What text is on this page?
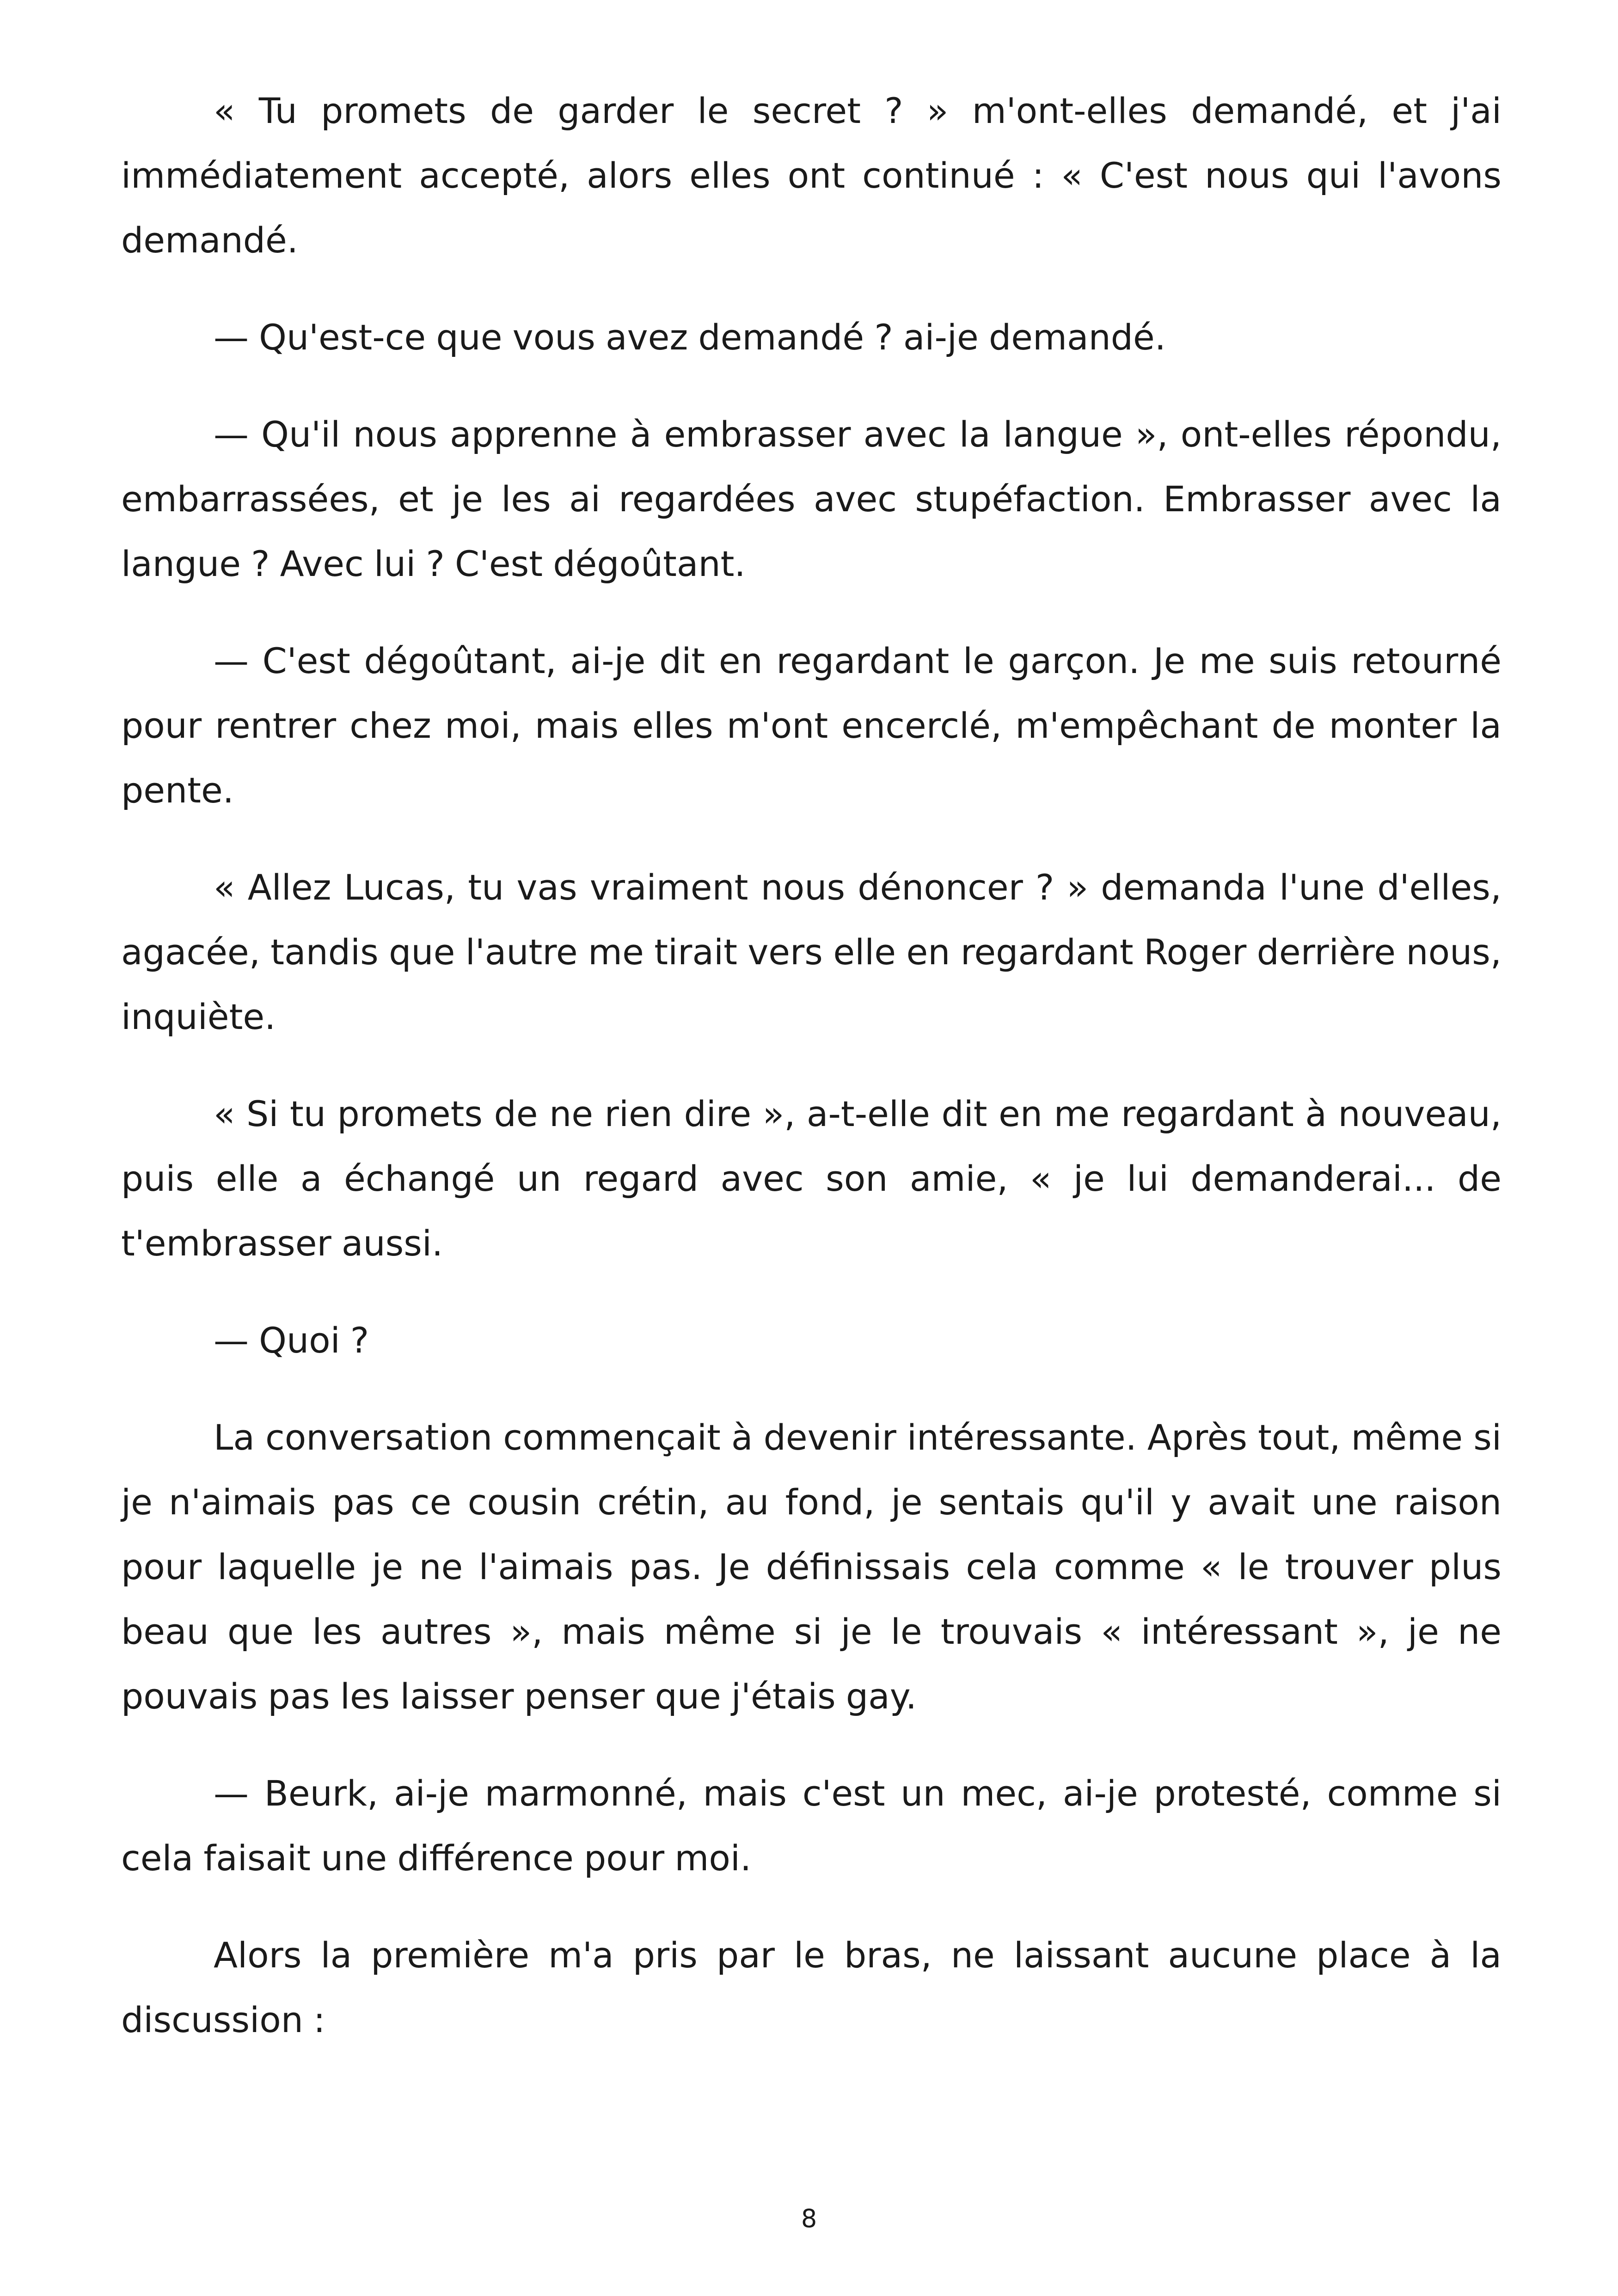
« Tu promets de garder le secret ? » m'ont-elles demandé, et j'ai immédiatement accepté, alors elles ont continué : « C'est nous qui l'avons demandé.

— Qu'est-ce que vous avez demandé ? ai-je demandé.

— Qu'il nous apprenne à embrasser avec la langue », ont-elles répondu, embarrassées, et je les ai regardées avec stupéfaction. Embrasser avec la langue ? Avec lui ? C'est dégoûtant.

— C'est dégoûtant, ai-je dit en regardant le garçon. Je me suis retourné pour rentrer chez moi, mais elles m'ont encerclé, m'empêchant de monter la pente.

« Allez Lucas, tu vas vraiment nous dénoncer ? » demanda l'une d'elles, agacée, tandis que l'autre me tirait vers elle en regardant Roger derrière nous, inquiète.

« Si tu promets de ne rien dire », a-t-elle dit en me regardant à nouveau, puis elle a échangé un regard avec son amie, « je lui demanderai... de t'embrasser aussi.

— Quoi ?

La conversation commençait à devenir intéressante. Après tout, même si je n'aimais pas ce cousin crétin, au fond, je sentais qu'il y avait une raison pour laquelle je ne l'aimais pas. Je définissais cela comme « le trouver plus beau que les autres », mais même si je le trouvais « intéressant », je ne pouvais pas les laisser penser que j'étais gay.

— Beurk, ai-je marmonné, mais c'est un mec, ai-je protesté, comme si cela faisait une différence pour moi.

Alors la première m'a pris par le bras, ne laissant aucune place à la discussion :

8
